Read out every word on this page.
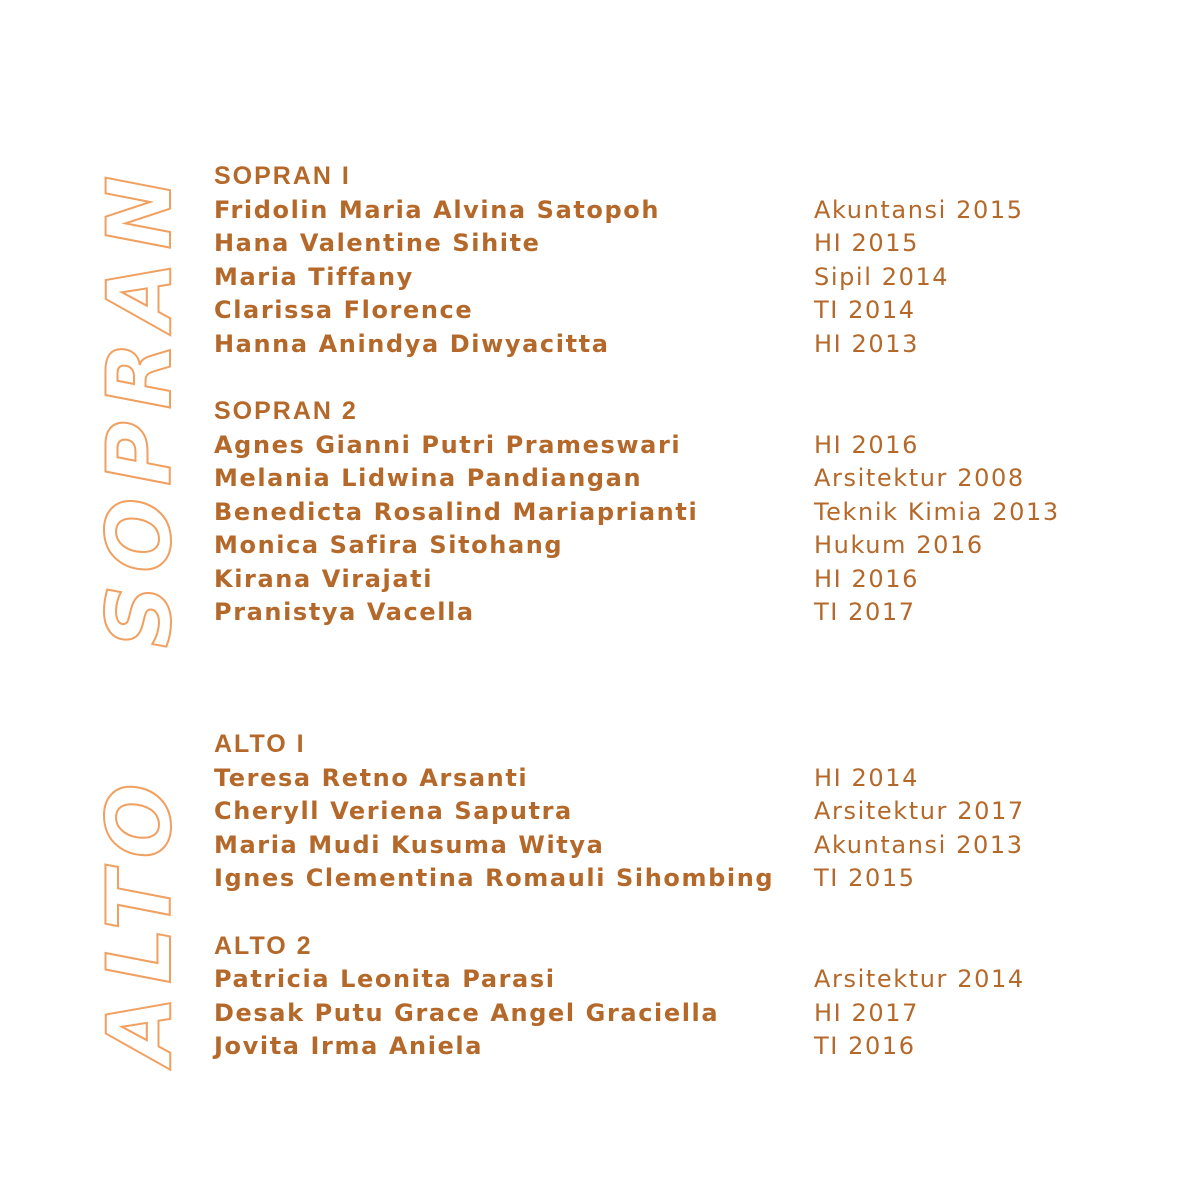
SOPRAN
ALTO
SOPRAN I
Fridolin Maria Alvina Satopoh	Akuntansi 2015
Hana Valentine Sihite	HI 2015
Maria Tiffany	Sipil 2014
Clarissa Florence	TI 2014
Hanna Anindya Diwyacitta	HI 2013
SOPRAN 2
Agnes Gianni Putri Prameswari	HI 2016
Melania Lidwina Pandiangan	Arsitektur 2008
Benedicta Rosalind Mariaprianti	Teknik Kimia 2013
Monica Safira Sitohang	Hukum 2016
Kirana Virajati	HI 2016
Pranistya Vacella	TI 2017
ALTO I
Teresa Retno Arsanti	HI 2014
Cheryll Veriena Saputra	Arsitektur 2017
Maria Mudi Kusuma Witya	Akuntansi 2013
Ignes Clementina Romauli Sihombing	TI 2015
ALTO 2
Patricia Leonita Parasi	Arsitektur 2014
Desak Putu Grace Angel Graciella	HI 2017
Jovita Irma Aniela	TI 2016
